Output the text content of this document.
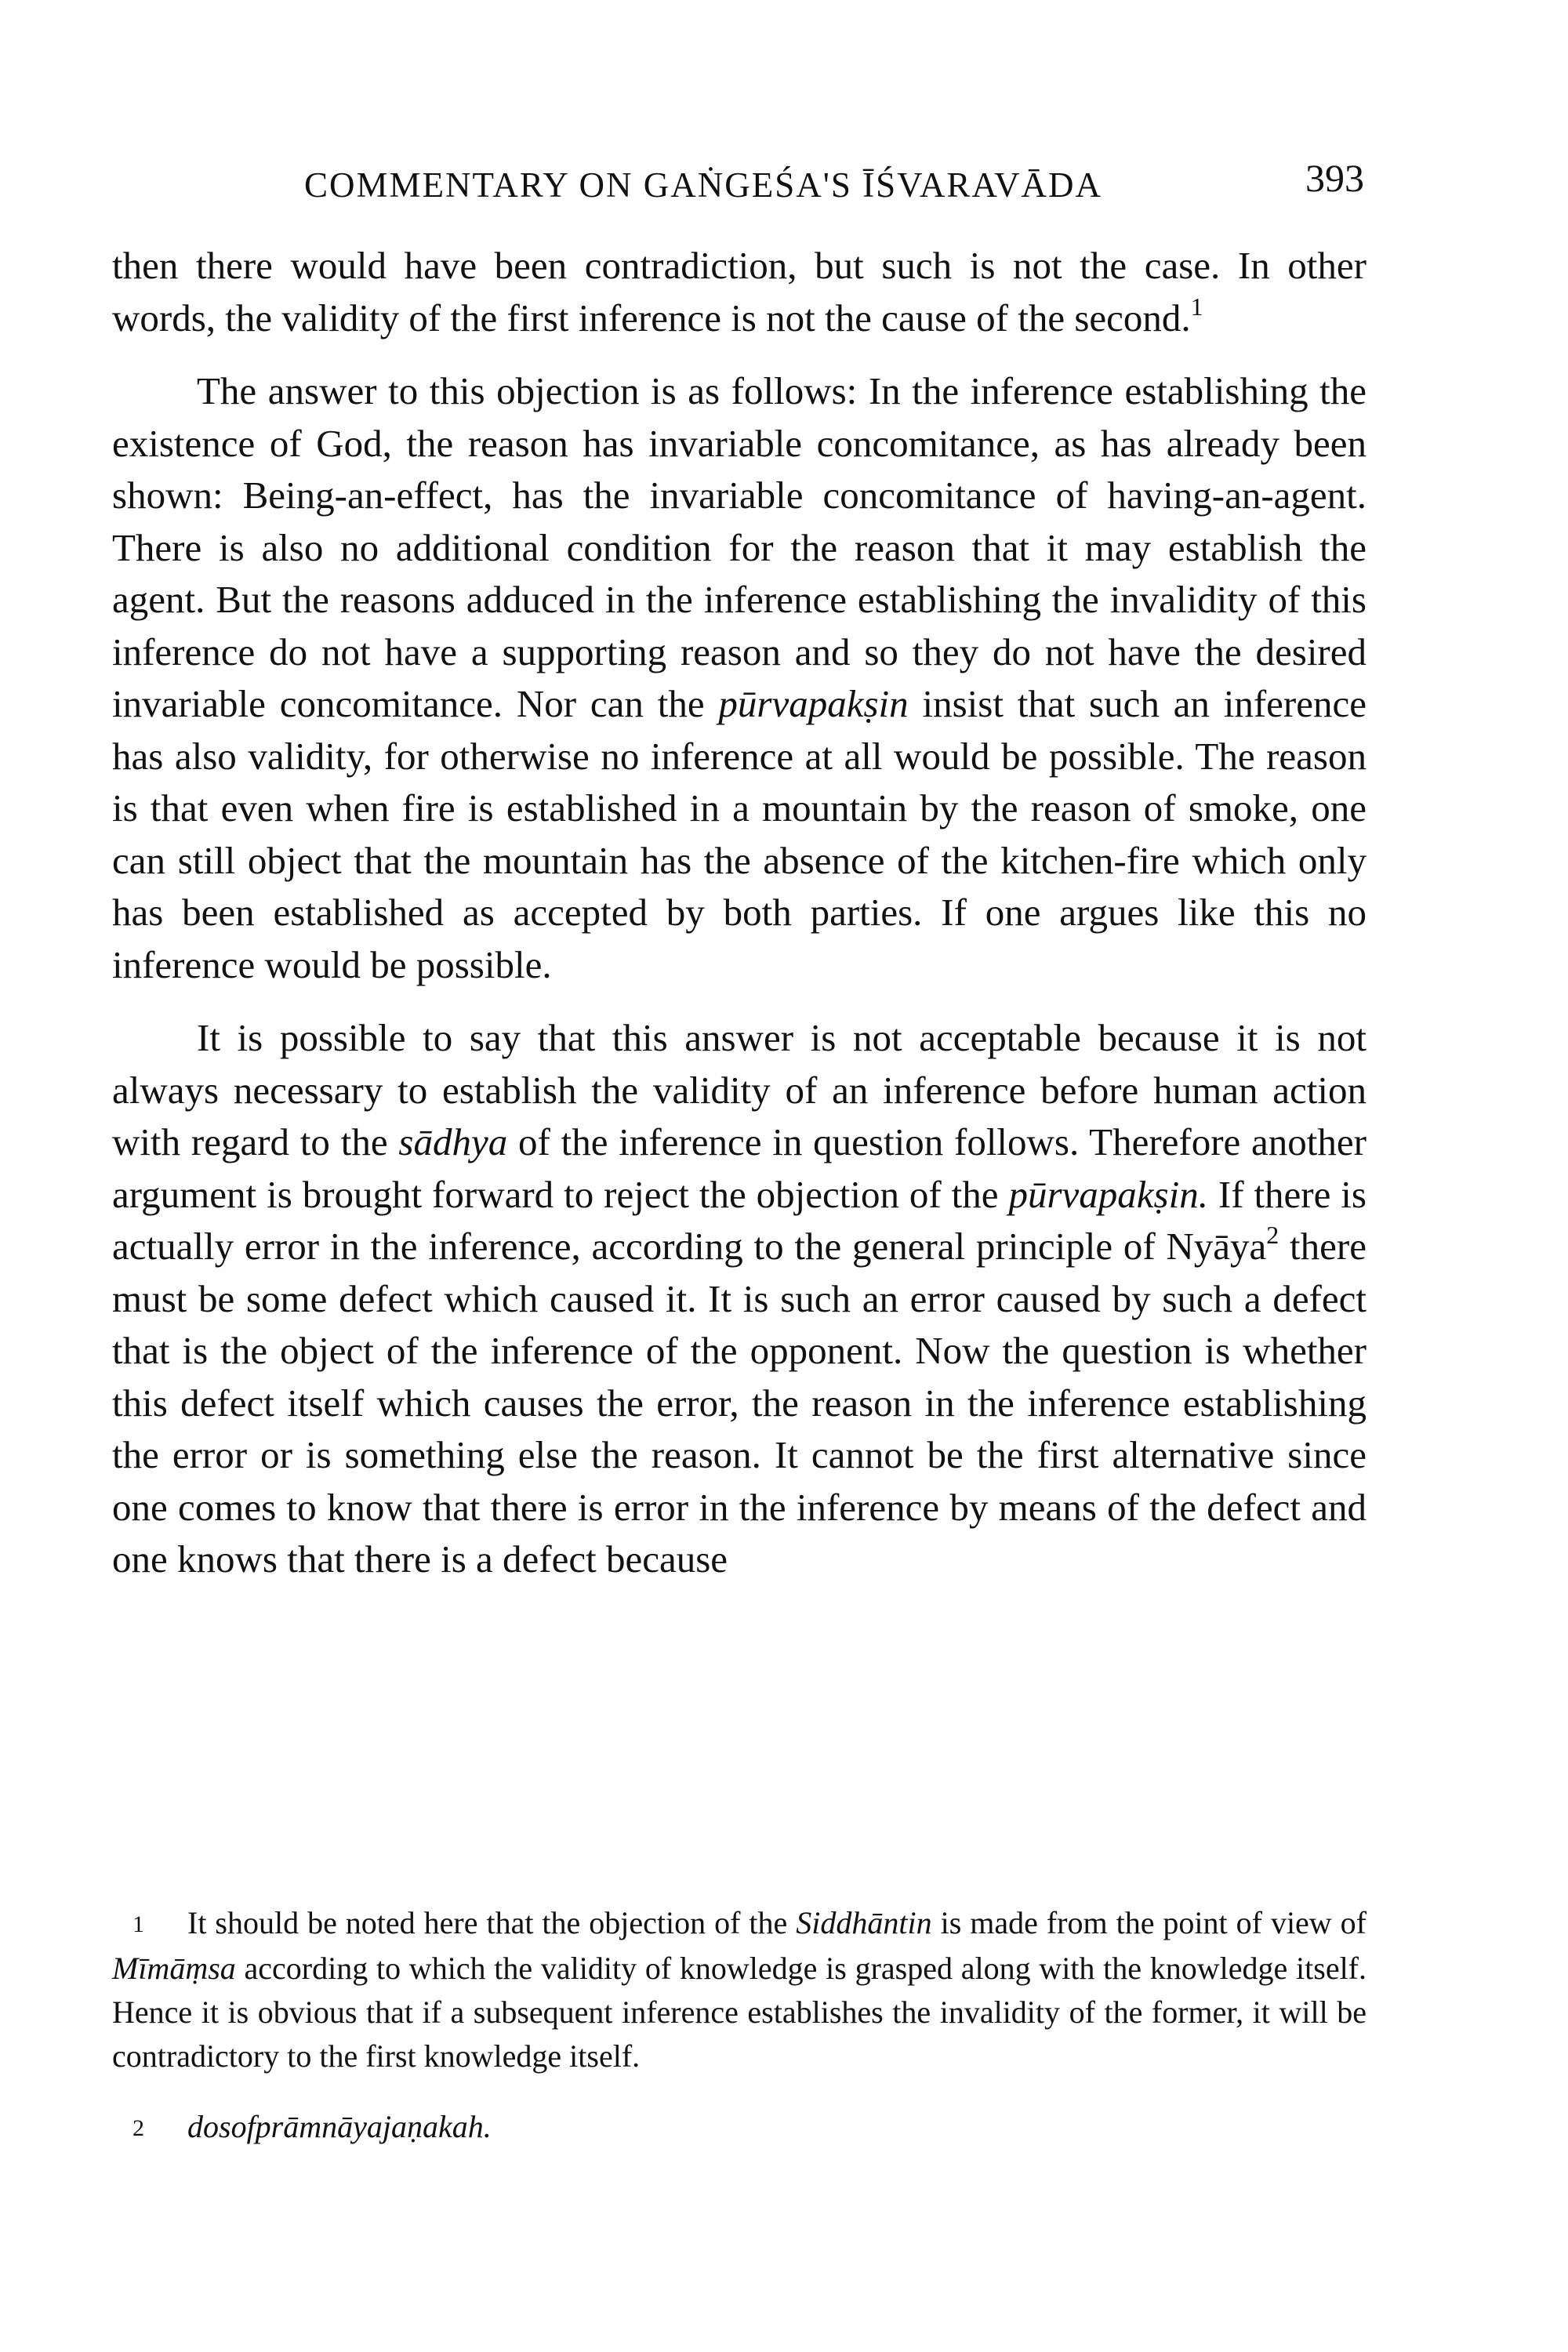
COMMENTARY ON GAṄGEŚA'S ĪŚVARAVĀDA	393

then there would have been contradiction, but such is not the case. In other words, the validity of the first inference is not the cause of the second.$^1$

The answer to this objection is as follows: In the inference establishing the existence of God, the reason has invariable concomitance, as has already been shown: Being-an-effect, has the invariable concomitance of having-an-agent. There is also no additional condition for the reason that it may establish the agent. But the reasons adduced in the inference establishing the invalidity of this inference do not have a supporting reason and so they do not have the desired invariable concomitance. Nor can the pūrvapakṣin insist that such an inference has also validity, for otherwise no inference at all would be possible. The reason is that even when fire is established in a mountain by the reason of smoke, one can still object that the mountain has the absence of the kitchen-fire which only has been established as accepted by both parties. If one argues like this no inference would be possible.

It is possible to say that this answer is not acceptable because it is not always necessary to establish the validity of an inference before human action with regard to the sādhya of the inference in question follows. Therefore another argument is brought forward to reject the objection of the pūrvapakṣin. If there is actually error in the inference, according to the general principle of Nyāya$^2$ there must be some defect which caused it. It is such an error caused by such a defect that is the object of the inference of the opponent. Now the question is whether this defect itself which causes the error, the reason in the inference establishing the error or is something else the reason. It cannot be the first alternative since one comes to know that there is error in the inference by means of the defect and one knows that there is a defect because

1 It should be noted here that the objection of the Siddhāntin is made from the point of view of Mīmāṃsa according to which the validity of knowledge is grasped along with the knowledge itself. Hence it is obvious that if a subsequent inference establishes the invalidity of the former, it will be contradictory to the first knowledge itself.

2 dosofprāmnāyajaṇakah.
